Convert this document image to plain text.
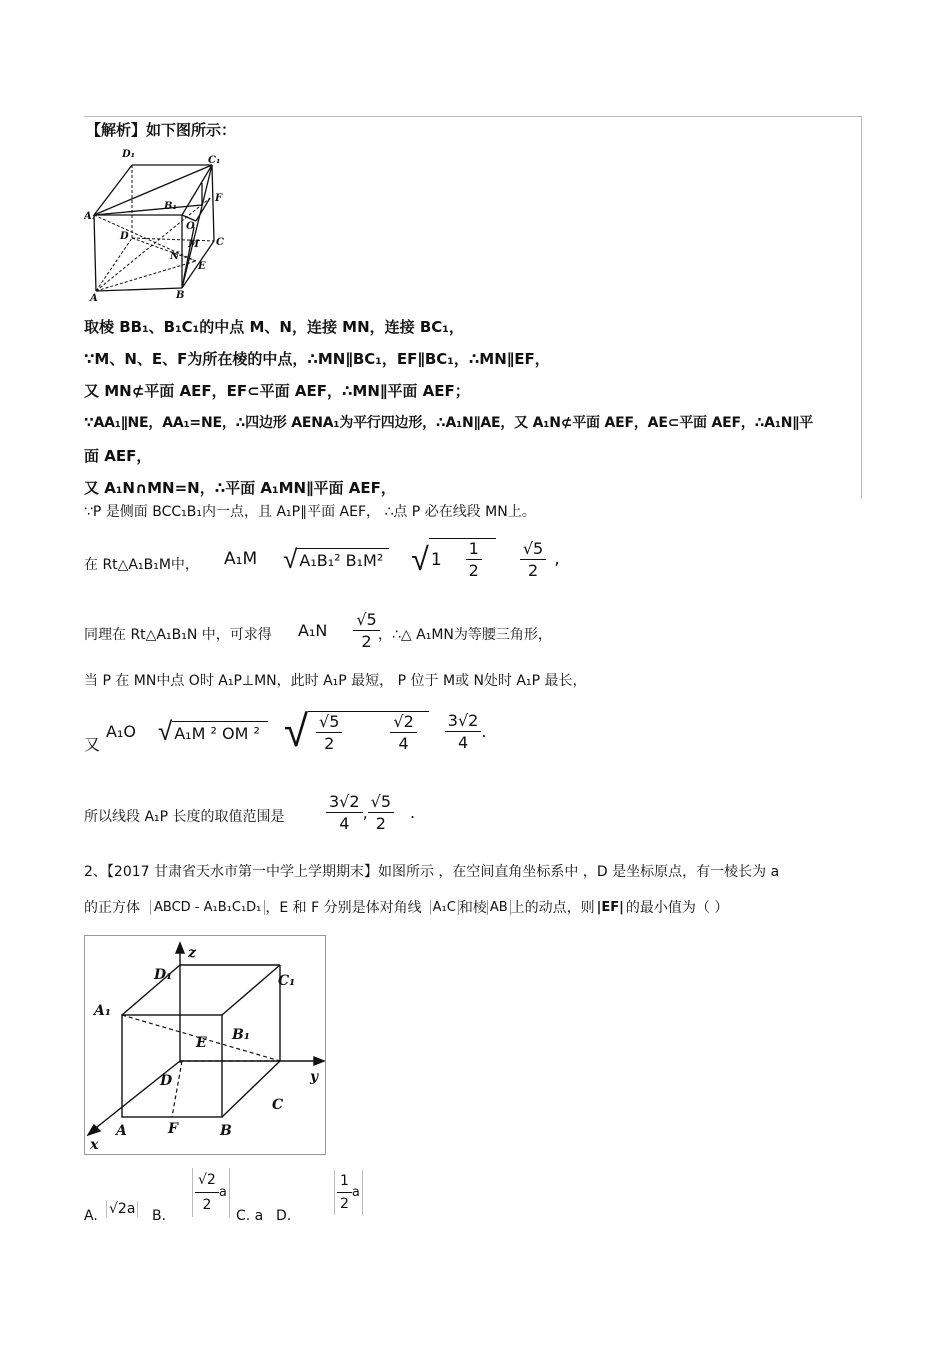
【解析】如下图所示：
D₁
C₁
A₁
B₁
F
O
D
C
M
N
E
A	B
取棱 BB₁、B₁C₁的中点 M、N，连接 MN，连接 BC₁，
∵M、N、E、F为所在棱的中点，∴MN∥BC₁，EF∥BC₁，∴MN∥EF，
又 MN⊄平面 AEF，EF⊂平面 AEF，∴MN∥平面 AEF；
∵AA₁∥NE，AA₁=NE，∴四边形 AENA₁为平行四边形，∴A₁N∥AE，又 A₁N⊄平面 AEF，AE⊂平面 AEF，∴A₁N∥平
面 AEF，
又 A₁N∩MN=N，∴平面 A₁MN∥平面 AEF，
∵P 是侧面 BCC₁B₁内一点，且 A₁P∥平面 AEF， ∴点 P 必在线段 MN上。
在 Rt△A₁B₁M中， A₁M √ A₁B₁² B₁M² √ $1 \frac{1}{2} \frac{√5}{2}$ ,
同理在 Rt△A₁B₁N 中，可求得 $A_1N \frac{√5}{2}$
，∴△ A₁MN为等腰三角形，
当 P 在 MN中点 O时 A₁P⊥MN，此时 A₁P 最短， P 位于 M或 N处时 A₁P 最长，
又
A₁O √ A₁M ² OM ² √ $\frac{√5}{2}$	$\frac{√2}{4} \frac{3√2}{4}$ .
所以线段 A₁P 长度的取值范围是	$\frac{3√2}{4}$ , $\frac{√5}{2}$ .
2、【2017 甘肃省天水市第一中学上学期期末】如图所示 ，在空间直角坐标系中 ，D 是坐标原点，有一棱长为 a
的正方体	ABCD - A₁B₁C₁D₁ ，E 和 F 分别是体对角线 A₁C 和棱 AB 上的动点，则 |EF| 的最小值为（ ）
z
y
x
D₁	C₁
A₁
B₁
E
D
C
A	F	B
A. √2a B. $\frac{√2}{2}$ a
C. a D.
$\frac{1}{2}$ a
